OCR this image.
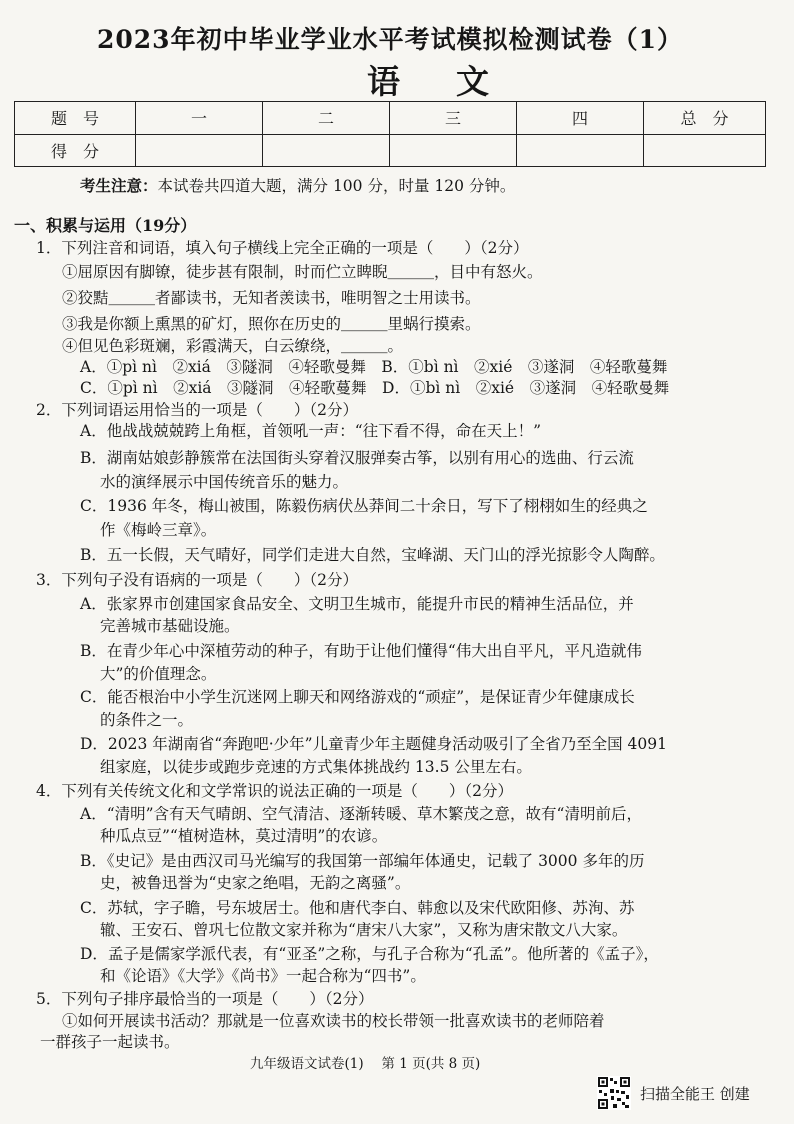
2023年初中毕业学业水平考试模拟检测试卷（1）
语文
题　号	一	二	三	四	总　分
得　分					
考生注意：本试卷共四道大题，满分 100 分，时量 120 分钟。
一、积累与运用（19分）
1．下列注音和词语，填入句子横线上完全正确的一项是（　　）（2分）
①屈原因有脚镣，徒步甚有限制，时而伫立睥睨＿＿＿，目中有怒火。
②狡黠＿＿＿者鄙读书，无知者羡读书，唯明智之士用读书。
③我是你额上熏黑的矿灯，照你在历史的＿＿＿里蜗行摸索。
④但见色彩斑斓，彩霞满天，白云缭绕，＿＿＿。
A．①pì nì　②xiá　③隧洞　④轻歌曼舞　B．①bì nì　②xié　③遂洞　④轻歌蔓舞
C．①pì nì　②xiá　③隧洞　④轻歌蔓舞　D．①bì nì　②xié　③遂洞　④轻歌曼舞
2．下列词语运用恰当的一项是（　　）（2分）
A．他战战兢兢跨上角框，首领吼一声：“往下看不得，命在天上！”
B．湖南姑娘彭静簇常在法国街头穿着汉服弹奏古筝，以别有用心的选曲、行云流
水的演绎展示中国传统音乐的魅力。
C．1936 年冬，梅山被围，陈毅伤病伏丛莽间二十余日，写下了栩栩如生的经典之
作《梅岭三章》。
B．五一长假，天气晴好，同学们走进大自然，宝峰湖、天门山的浮光掠影令人陶醉。
3．下列句子没有语病的一项是（　　）（2分）
A．张家界市创建国家食品安全、文明卫生城市，能提升市民的精神生活品位，并
完善城市基础设施。
B．在青少年心中深植劳动的种子，有助于让他们懂得“伟大出自平凡，平凡造就伟
大”的价值理念。
C．能否根治中小学生沉迷网上聊天和网络游戏的“顽症”，是保证青少年健康成长
的条件之一。
D．2023 年湖南省“奔跑吧·少年”儿童青少年主题健身活动吸引了全省乃至全国 4091
组家庭，以徒步或跑步竞速的方式集体挑战约 13.5 公里左右。
4．下列有关传统文化和文学常识的说法正确的一项是（　　）（2分）
A．“清明”含有天气晴朗、空气清洁、逐渐转暖、草木繁茂之意，故有“清明前后，
种瓜点豆”“植树造林，莫过清明”的农谚。
B．《史记》是由西汉司马光编写的我国第一部编年体通史，记载了 3000 多年的历
史，被鲁迅誉为“史家之绝唱，无韵之离骚”。
C．苏轼，字子瞻，号东坡居士。他和唐代李白、韩愈以及宋代欧阳修、苏洵、苏
辙、王安石、曾巩七位散文家并称为“唐宋八大家”，又称为唐宋散文八大家。
D．孟子是儒家学派代表，有“亚圣”之称，与孔子合称为“孔孟”。他所著的《孟子》，
和《论语》《大学》《尚书》一起合称为“四书”。
5．下列句子排序最恰当的一项是（　　）（2分）
①如何开展读书活动？那就是一位喜欢读书的校长带领一批喜欢读书的老师陪着
一群孩子一起读书。
九年级语文试卷(1)　 第 1 页(共 8 页)
扫描全能王 创建
